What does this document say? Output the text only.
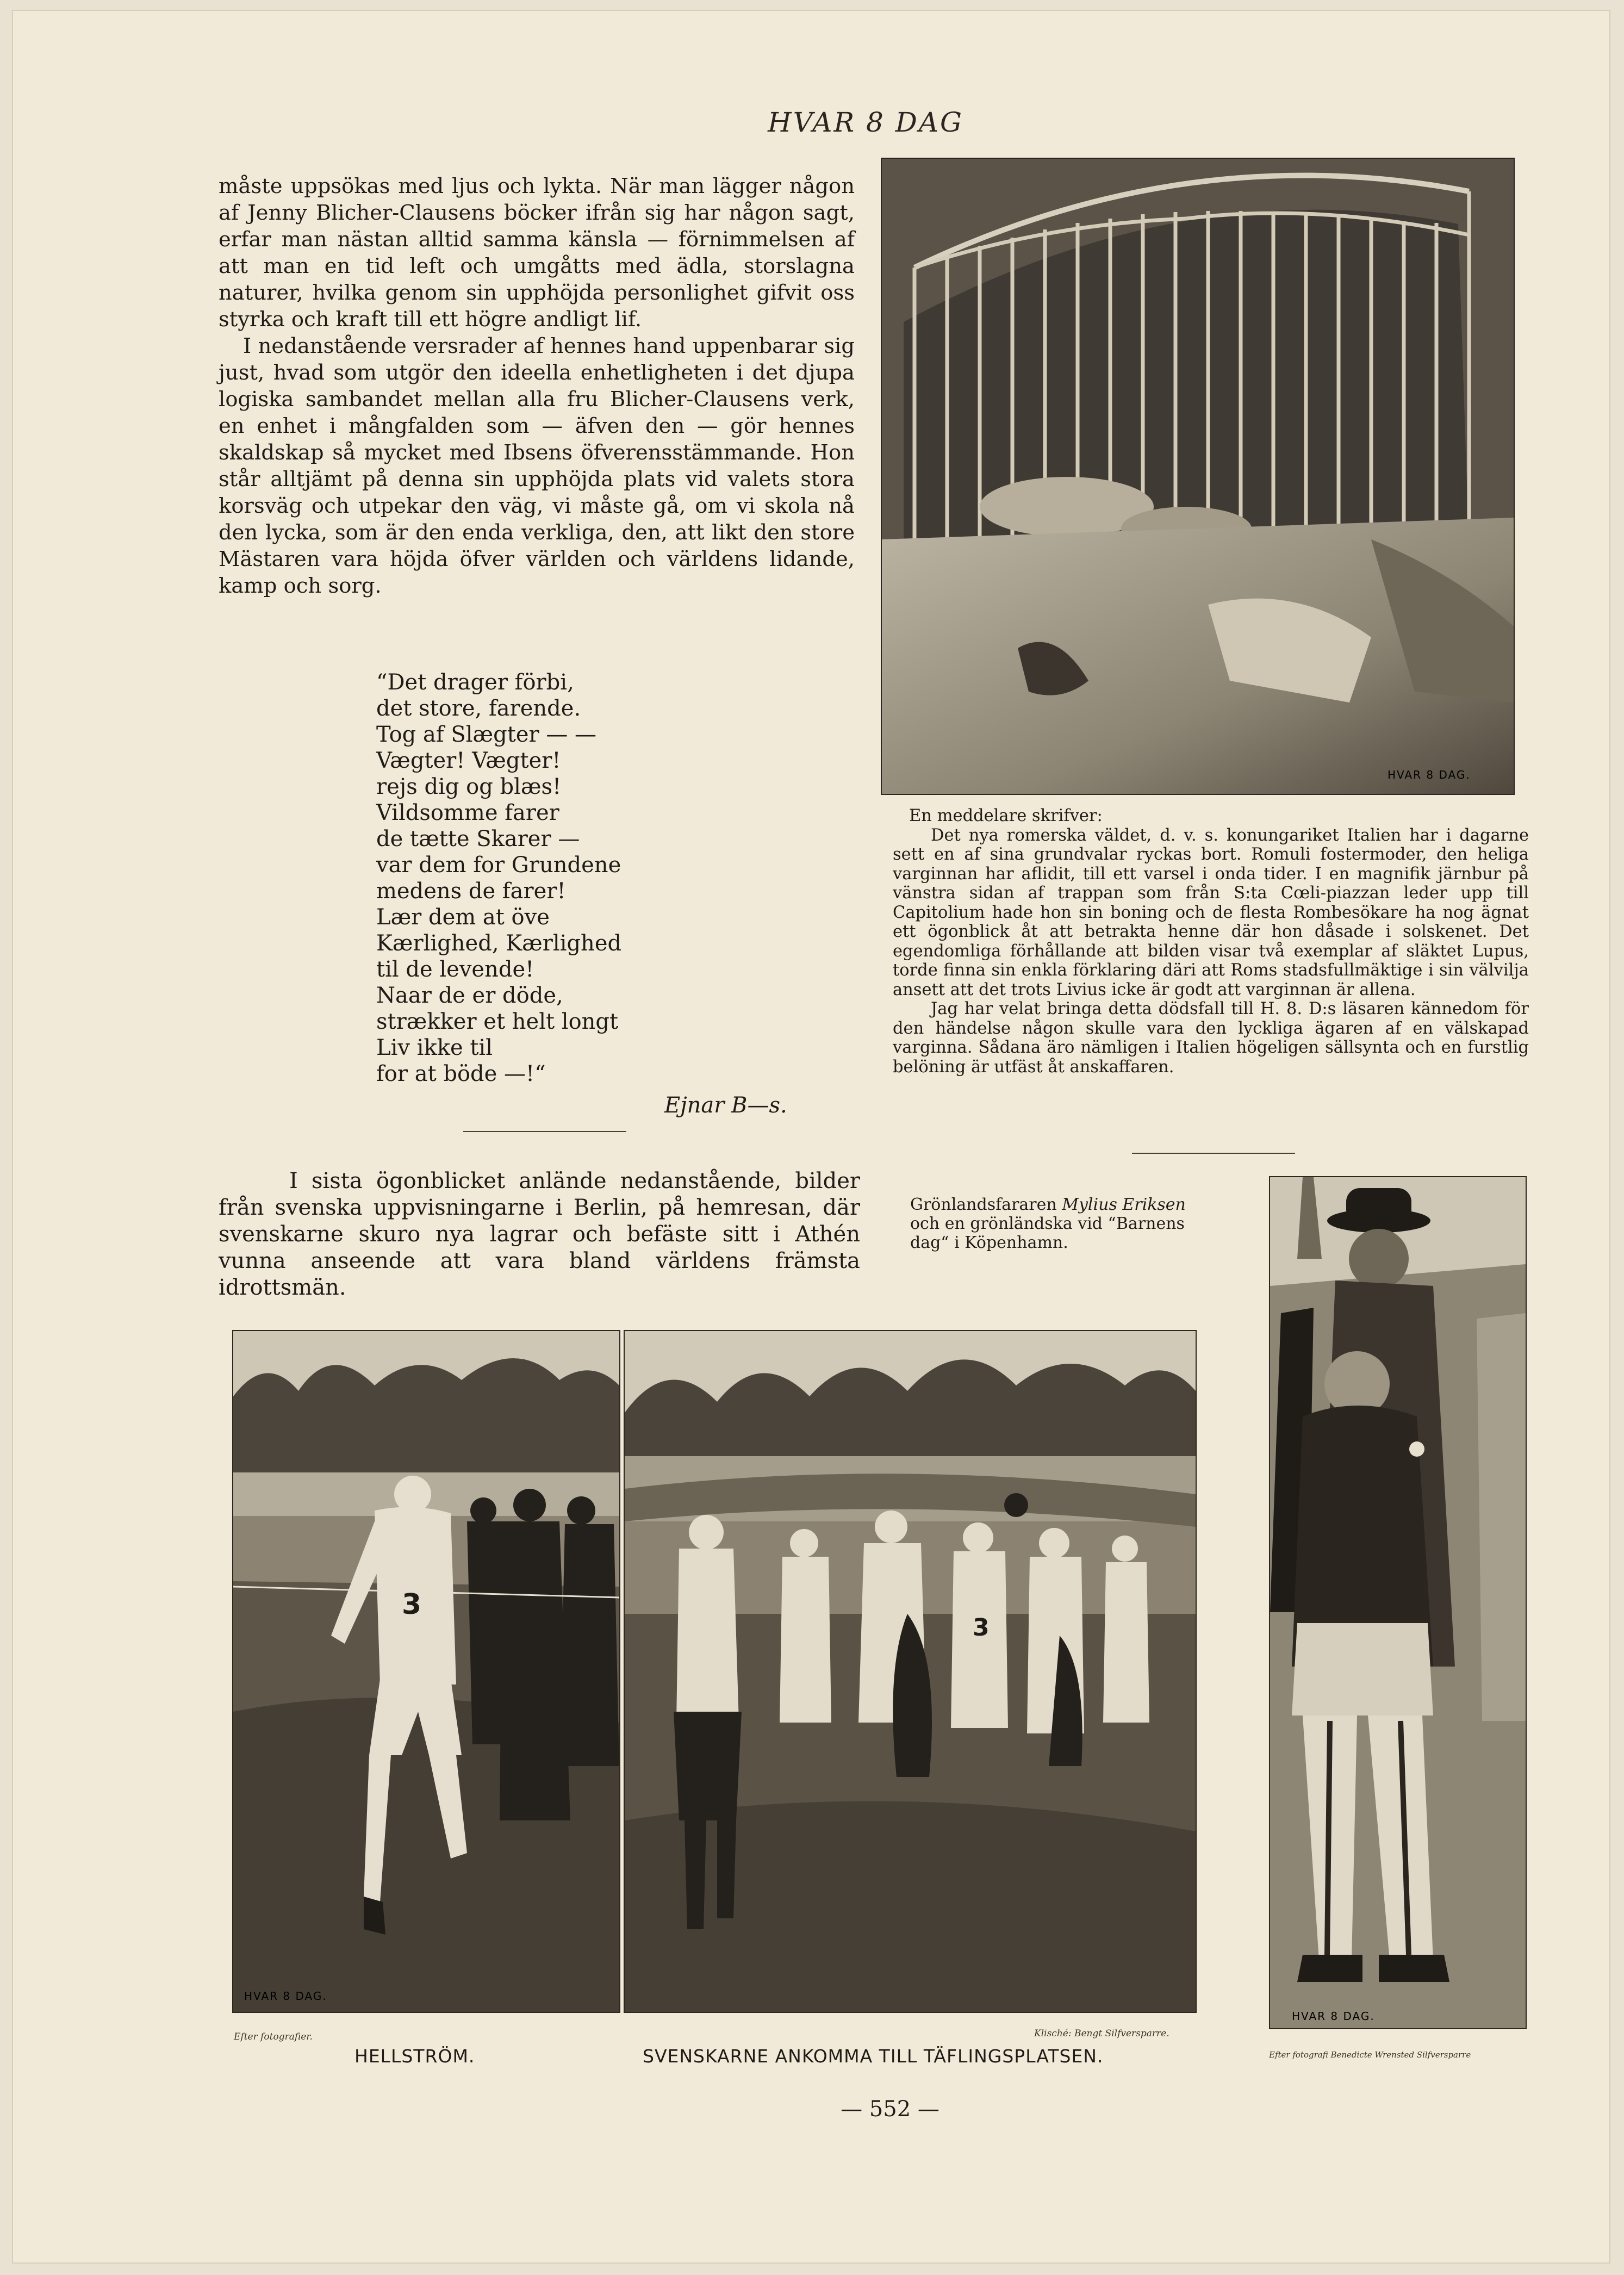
HVAR 8 DAG

måste uppsökas med ljus och lykta. När man lägger någon af Jenny Blicher-Clausens böcker ifrån sig har någon sagt, erfar man nästan alltid samma känsla — förnimmelsen af att man en tid left och umgåtts med ädla, storslagna naturer, hvilka genom sin upphöjda personlighet gifvit oss styrka och kraft till ett högre andligt lif.

I nedanstående versrader af hennes hand uppenbarar sig just, hvad som utgör den ideella enhetligheten i det djupa logiska sambandet mellan alla fru Blicher-Clausens verk, en enhet i mångfalden som — äfven den — gör hennes skaldskap så mycket med Ibsens öfverensstämmande. Hon står alltjämt på denna sin upphöjda plats vid valets stora korsväg och utpekar den väg, vi måste gå, om vi skola nå den lycka, som är den enda verkliga, den, att likt den store Mästaren vara höjda öfver världen och världens lidande, kamp och sorg.

“Det drager förbi,
det store, farende.
Tog af Slægter — —
Vægter! Vægter!
rejs dig og blæs!
Vildsomme farer
de tætte Skarer —
var dem for Grundene
medens de farer!
Lær dem at öve
Kærlighed, Kærlighed
til de levende!
Naar de er döde,
strækker et helt longt
Liv ikke til
for at böde —!“
Ejnar B—s.
HVAR 8 DAG.

En meddelare skrifver:

Det nya romerska väldet, d. v. s. konungariket Italien har i dagarne sett en af sina grundvalar ryckas bort. Romuli fostermoder, den heliga varginnan har aflidit, till ett varsel i onda tider. I en magnifik järnbur på vänstra sidan af trappan som från S:ta Cœli-piazzan leder upp till Capitolium hade hon sin boning och de flesta Rombesökare ha nog ägnat ett ögonblick åt att betrakta henne där hon dåsade i solskenet. Det egendomliga förhållande att bilden visar två exemplar af släktet Lupus, torde finna sin enkla förklaring däri att Roms stadsfullmäktige i sin välvilja ansett att det trots Livius icke är godt att varginnan är allena.

Jag har velat bringa detta dödsfall till H. 8. D:s läsaren kännedom för den händelse någon skulle vara den lyckliga ägaren af en välskapad varginna. Sådana äro nämligen i Italien högeligen sällsynta och en furstlig belöning är utfäst åt anskaffaren.

I sista ögonblicket anlände nedanstående, bilder från svenska uppvisningarne i Berlin, på hemresan, där svenskarne skuro nya lagrar och befäste sitt i Athén vunna anseende att vara bland världens främsta idrottsmän.
Grönlandsfararen Mylius Eriksen och en grönländska vid “Barnens dag“ i Köpenhamn.
3
HVAR 8 DAG.
3
HVAR 8 DAG.
Efter fotografier.	Klisché: Bengt Silfversparre.
Efter fotografi Benedicte Wrensted Silfversparre
HELLSTRÖM.	SVENSKARNE ANKOMMA TILL TÄFLINGSPLATSEN.
— 552 —
